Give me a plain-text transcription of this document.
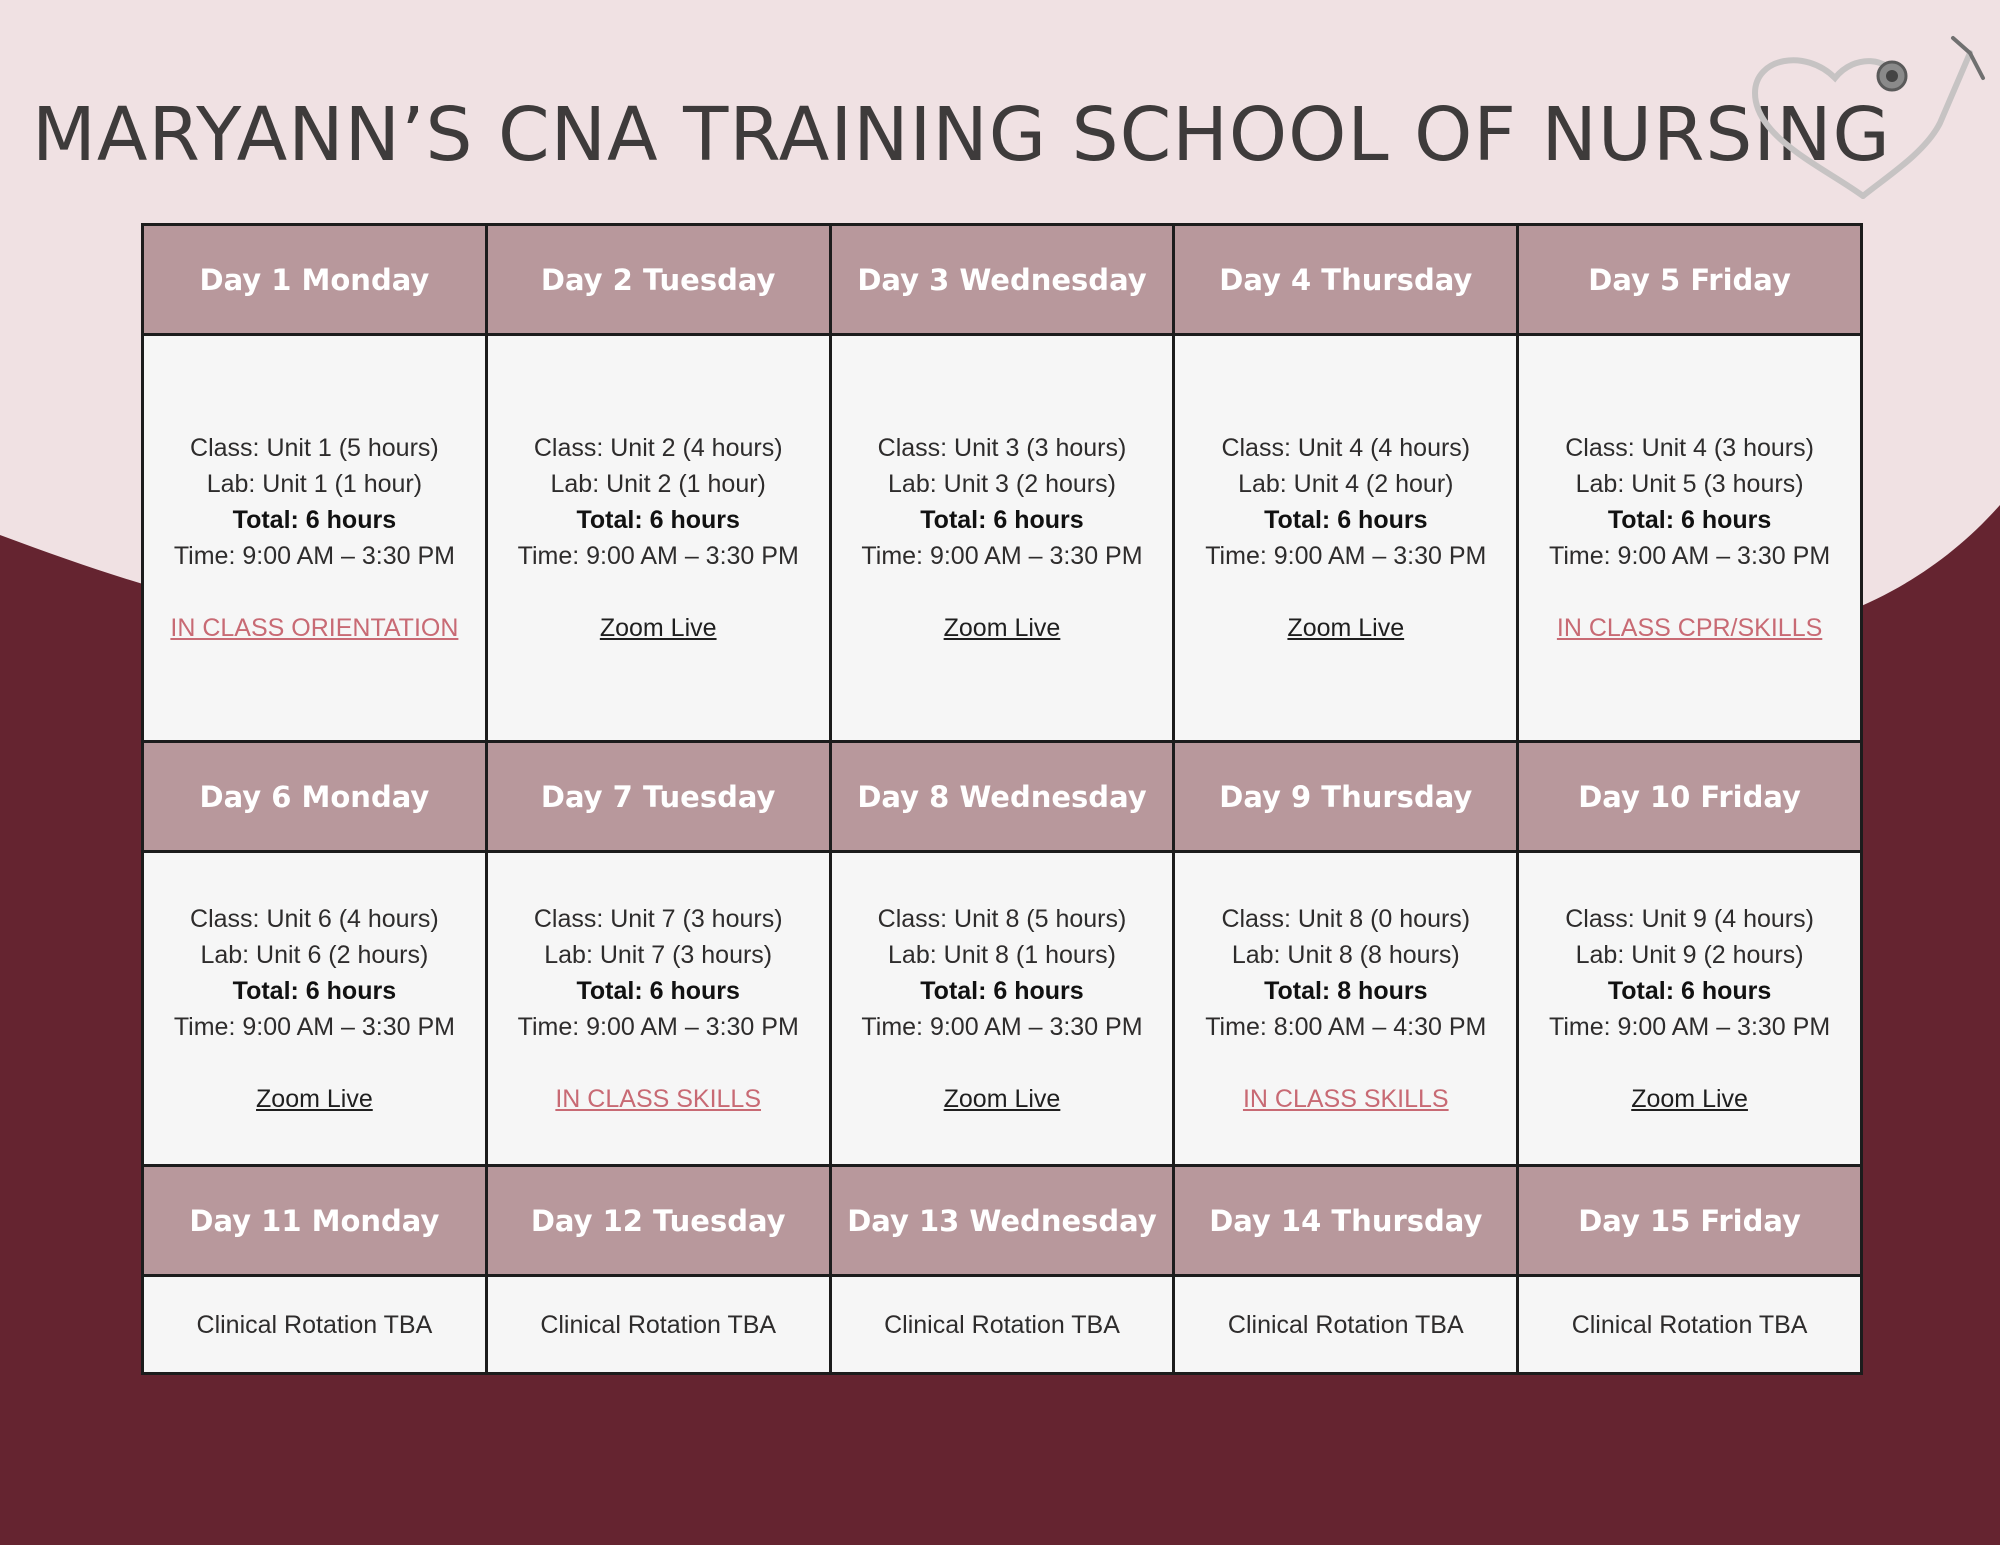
MARYANN’S CNA TRAINING SCHOOL OF NURSING
Day 1 Monday	Day 2 Tuesday	Day 3 Wednesday	Day 4 Thursday	Day 5 Friday
Class: Unit 1 (5 hours)
Lab: Unit 1 (1 hour)
Total: 6 hours
Time: 9:00 AM – 3:30 PM
IN CLASS ORIENTATION
Class: Unit 2 (4 hours)
Lab: Unit 2 (1 hour)
Total: 6 hours
Time: 9:00 AM – 3:30 PM
Zoom Live
Class: Unit 3 (3 hours)
Lab: Unit 3 (2 hours)
Total: 6 hours
Time: 9:00 AM – 3:30 PM
Zoom Live
Class: Unit 4 (4 hours)
Lab: Unit 4 (2 hour)
Total: 6 hours
Time: 9:00 AM – 3:30 PM
Zoom Live
Class: Unit 4 (3 hours)
Lab: Unit 5 (3 hours)
Total: 6 hours
Time: 9:00 AM – 3:30 PM
IN CLASS CPR/SKILLS
Day 6 Monday	Day 7 Tuesday	Day 8 Wednesday	Day 9 Thursday	Day 10 Friday
Class: Unit 6 (4 hours)
Lab: Unit 6 (2 hours)
Total: 6 hours
Time: 9:00 AM – 3:30 PM
Zoom Live
Class: Unit 7 (3 hours)
Lab: Unit 7 (3 hours)
Total: 6 hours
Time: 9:00 AM – 3:30 PM
IN CLASS SKILLS
Class: Unit 8 (5 hours)
Lab: Unit 8 (1 hours)
Total: 6 hours
Time: 9:00 AM – 3:30 PM
Zoom Live
Class: Unit 8 (0 hours)
Lab: Unit 8 (8 hours)
Total: 8 hours
Time: 8:00 AM – 4:30 PM
IN CLASS SKILLS
Class: Unit 9 (4 hours)
Lab: Unit 9 (2 hours)
Total: 6 hours
Time: 9:00 AM – 3:30 PM
Zoom Live
Day 11 Monday	Day 12 Tuesday	Day 13 Wednesday	Day 14 Thursday	Day 15 Friday
Clinical Rotation TBA	Clinical Rotation TBA	Clinical Rotation TBA	Clinical Rotation TBA	Clinical Rotation TBA
